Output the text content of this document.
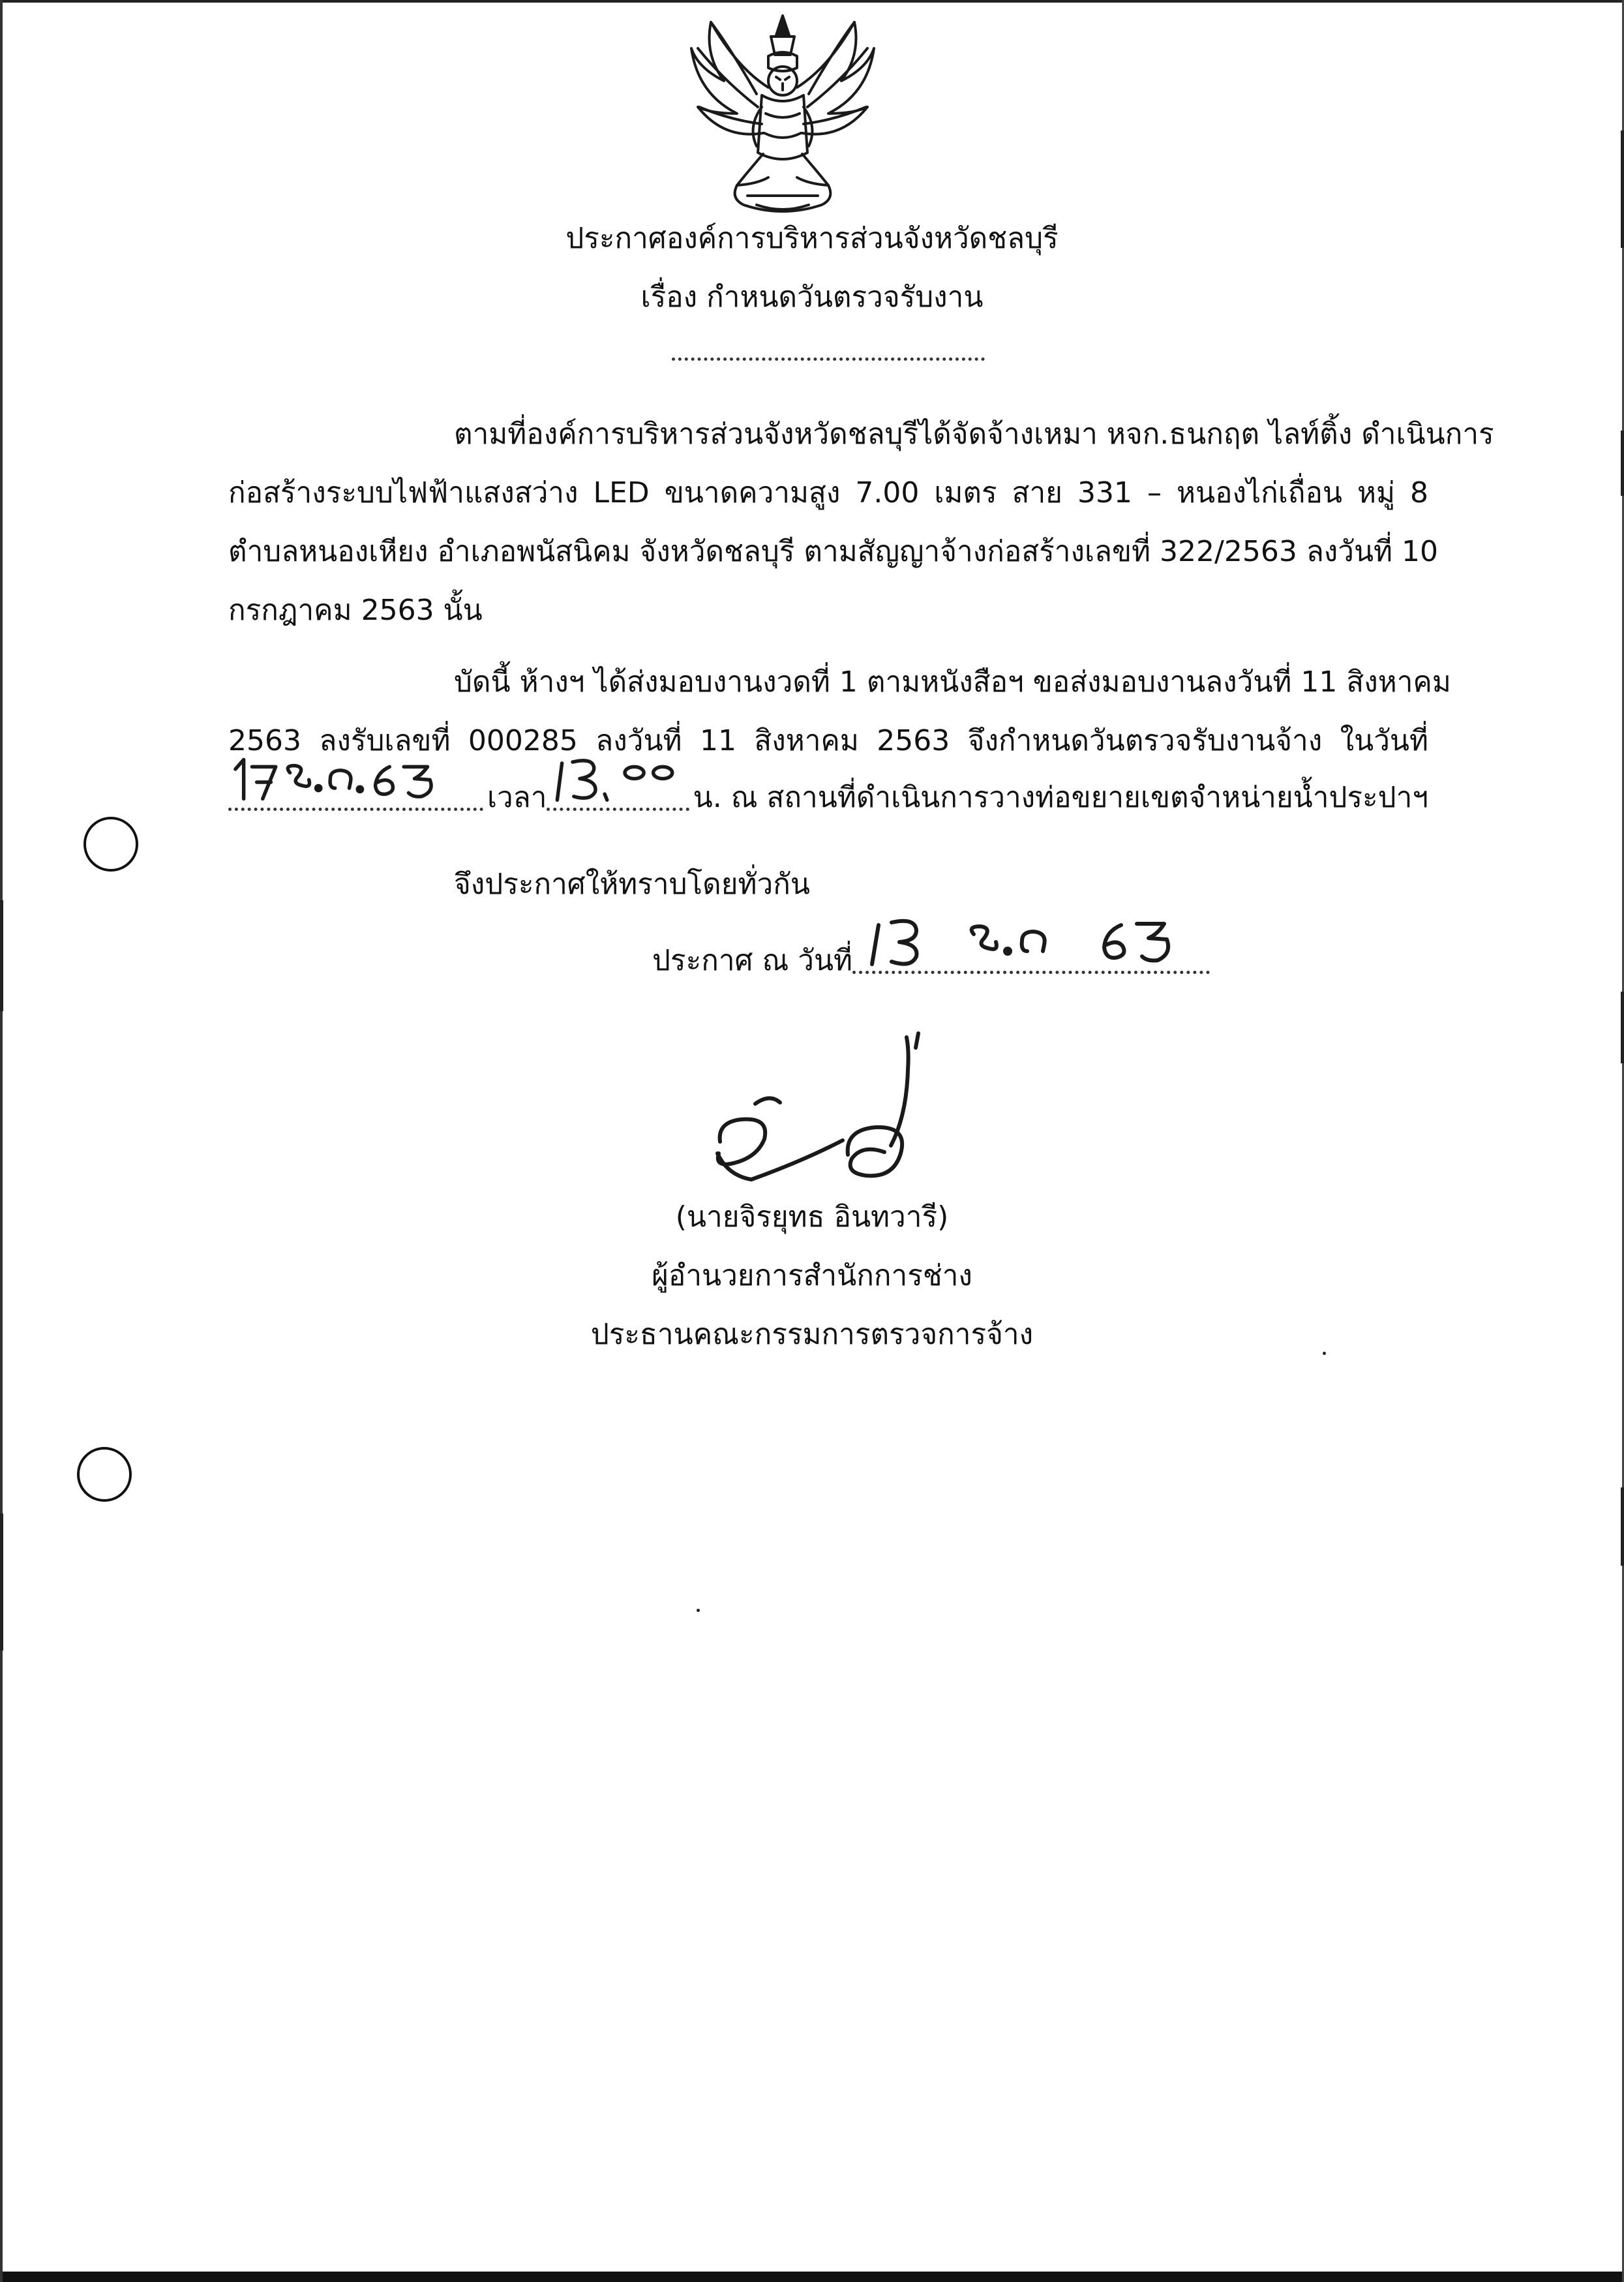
ประกาศองค์การบริหารส่วนจังหวัดชลบุรี
เรื่อง กำหนดวันตรวจรับงาน
ตามที่องค์การบริหารส่วนจังหวัดชลบุรีได้จัดจ้างเหมา หจก.ธนกฤต ไลท์ติ้ง ดำเนินการ
ก่อสร้างระบบไฟฟ้าแสงสว่าง LED ขนาดความสูง 7.00 เมตร สาย 331 – หนองไก่เถื่อน หมู่ 8
ตำบลหนองเหียง อำเภอพนัสนิคม จังหวัดชลบุรี ตามสัญญาจ้างก่อสร้างเลขที่ 322/2563 ลงวันที่ 10
กรกฎาคม 2563 นั้น
บัดนี้ ห้างฯ ได้ส่งมอบงานงวดที่ 1 ตามหนังสือฯ ขอส่งมอบงานลงวันที่ 11 สิงหาคม
2563 ลงรับเลขที่ 000285 ลงวันที่ 11 สิงหาคม 2563 จึงกำหนดวันตรวจรับงานจ้าง ในวันที่
เวลา	น. ณ สถานที่ดำเนินการวางท่อขยายเขตจำหน่ายน้ำประปาฯ
จึงประกาศให้ทราบโดยทั่วกัน
ประกาศ ณ วันที่
(นายจิรยุทธ อินทวารี)
ผู้อำนวยการสำนักการช่าง
ประธานคณะกรรมการตรวจการจ้าง
